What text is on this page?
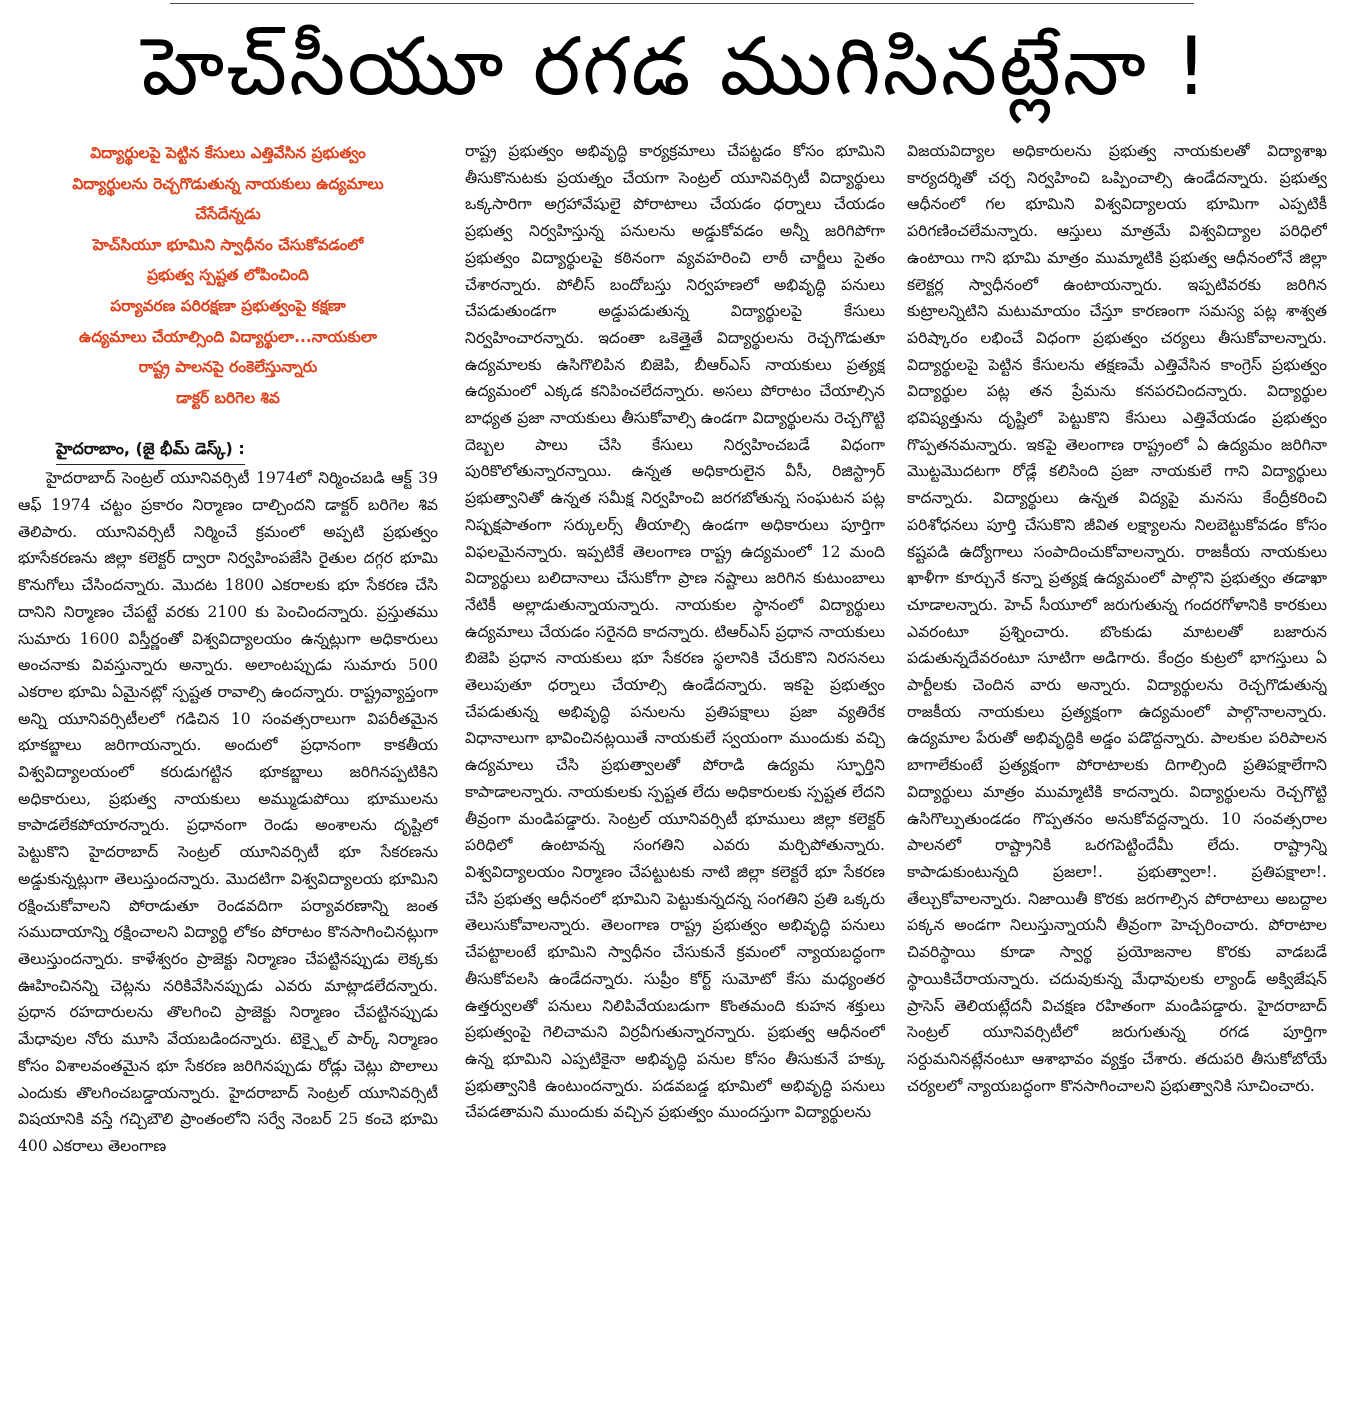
హెచ్‌సీయూ రగడ ముగిసినట్లేనా !
విద్యార్థులపై పెట్టిన కేసులు ఎత్తివేసిన ప్రభుత్వం
విద్యార్థులను రెచ్చగొడుతున్న నాయకులు ఉద్యమాలు
చేసేదేన్నడు
హెచ్‌సియూ భూమిని స్వాధీనం చేసుకోవడంలో
ప్రభుత్వ స్పష్టత లోపించింది
పర్యావరణ పరిరక్షణా ప్రభుత్వంపై కక్షణా
ఉద్యమాలు చేయాల్సింది విద్యార్థులా...నాయకులా
రాష్ట్ర పాలనపై రంకెలేస్తున్నారు
డాక్టర్ బరిగెల శివ
హైదరాబాం, (జై భీమ్ డెస్క్) :

హైదరాబాద్ సెంట్రల్ యూనివర్సిటీ 1974లో నిర్మించబడి ఆక్ట్ 39 ఆఫ్ 1974 చట్టం ప్రకారం నిర్మాణం దాల్చిందని డాక్టర్ బరిగెల శివ తెలిపారు. యూనివర్సిటీ నిర్మించే క్రమంలో అప్పటి ప్రభుత్వం భూసేకరణను జిల్లా కలెక్టర్ ద్వారా నిర్వహింపజేసి రైతుల దగ్గర భూమి కొనుగోలు చేసిందన్నారు. మొదట 1800 ఎకరాలకు భూ సేకరణ చేసి దానిని నిర్మాణం చేపట్టే వరకు 2100 కు పెంచిందన్నారు. ప్రస్తుతము సుమారు 1600 విస్తీర్ణంతో విశ్వవిద్యాలయం ఉన్నట్లుగా అధికారులు అంచనాకు వివస్తున్నారు అన్నారు. అలాంటప్పుడు సుమారు 500 ఎకరాల భూమి ఏమైనట్లో స్పష్టత రావాల్సి ఉందన్నారు. రాష్ట్రవ్యాప్తంగా అన్ని యూనివర్సిటీలలో గడిచిన 10 సంవత్సరాలుగా విపరీతమైన భూకబ్జాలు జరిగాయన్నారు. అందులో ప్రధానంగా కాకతీయ విశ్వవిద్యాలయంలో కరుడుగట్టిన భూకబ్జాలు జరిగినప్పటికిని అధికారులు, ప్రభుత్వ నాయకులు అమ్ముడుపోయి భూములను కాపాడలేకపోయారన్నారు. ప్రధానంగా రెండు అంశాలను దృష్టిలో పెట్టుకొని హైదరాబాద్ సెంట్రల్ యూనివర్సిటీ భూ సేకరణను అడ్డుకున్నట్లుగా తెలుస్తుందన్నారు. మొదటిగా విశ్వవిద్యాలయ భూమిని రక్షించుకోవాలని పోరాడుతూ రెండవదిగా పర్యావరణాన్ని జంత సముదాయాన్ని రక్షించాలని విద్యార్థి లోకం పోరాటం కొనసాగించినట్లుగా తెలుస్తుందన్నారు. కాళేశ్వరం ప్రాజెక్టు నిర్మాణం చేపట్టినప్పుడు లెక్కకు ఊహించినన్ని చెట్లను నరికివేసినప్పుడు ఎవరు మాట్లాడలేదన్నారు. ప్రధాన రహదారులను తొలగించి ప్రాజెక్టు నిర్మాణం చేపట్టినప్పుడు మేధావుల నోరు మూసి వేయబడిందన్నారు. టెక్స్టైల్ పార్క్ నిర్మాణం కోసం విశాలవంతమైన భూ సేకరణ జరిగినప్పుడు రోడ్లు చెట్లు పొలాలు ఎందుకు తొలగించబడ్డాయన్నారు. హైదరాబాద్ సెంట్రల్ యూనివర్సిటీ విషయానికి వస్తే గచ్చిబౌలి ప్రాంతంలోని సర్వే నెంబర్ 25 కంచె భూమి 400 ఎకరాలు తెలంగాణ

రాష్ట్ర ప్రభుత్వం అభివృద్ధి కార్యక్రమాలు చేపట్టడం కోసం భూమిని తీసుకొనుటకు ప్రయత్నం చేయగా సెంట్రల్ యూనివర్సిటీ విద్యార్థులు ఒక్కసారిగా అగ్రహావేషులై పోరాటాలు చేయడం ధర్నాలు చేయడం ప్రభుత్వ నిర్వహిస్తున్న పనులను అడ్డుకోవడం అన్నీ జరిగిపోగా ప్రభుత్వం విద్యార్థులపై కఠినంగా వ్యవహరించి లాఠీ చార్జీలు సైతం చేశారన్నారు. పోలీస్ బందోబస్తు నిర్వహణలో అభివృద్ధి పనులు చేపడుతుండగా అడ్డుపడుతున్న విద్యార్థులపై కేసులు నిర్వహించారన్నారు. ఇదంతా ఒకెత్తైతే విద్యార్థులను రెచ్చగొడుతూ ఉద్యమాలకు ఉసిగొలిపిన బిజెపి, బీఆర్ఎస్ నాయకులు ప్రత్యక్ష ఉద్యమంలో ఎక్కడ కనిపించలేదన్నారు. అసలు పోరాటం చేయాల్సిన బాధ్యత ప్రజా నాయకులు తీసుకోవాల్సి ఉండగా విద్యార్థులను రెచ్చగొట్టి దెబ్బల పాలు చేసి కేసులు నిర్వహించబడే విధంగా పురికొలోతున్నారన్నాయి. ఉన్నత అధికారులైన వీసీ, రిజిస్ట్రార్ ప్రభుత్వానితో ఉన్నత సమీక్ష నిర్వహించి జరగబోతున్న సంఘటన పట్ల నిష్పక్షపాతంగా సర్కులర్స్ తీయాల్సి ఉండగా అధికారులు పూర్తిగా విఫలమైనన్నారు. ఇప్పటికే తెలంగాణ రాష్ట్ర ఉద్యమంలో 12 మంది విద్యార్థులు బలిదానాలు చేసుకోగా ప్రాణ నష్టాలు జరిగిన కుటుంబాలు నేటికీ అల్లాడుతున్నాయన్నారు. నాయకుల స్థానంలో విద్యార్థులు ఉద్యమాలు చేయడం సరైనది కాదన్నారు. టిఆర్ఎస్ ప్రధాన నాయకులు బిజెపి ప్రధాన నాయకులు భూ సేకరణ స్థలానికి చేరుకొని నిరసనలు తెలుపుతూ ధర్నాలు చేయాల్సి ఉండేదన్నారు. ఇకపై ప్రభుత్వం చేపడుతున్న అభివృద్ధి పనులను ప్రతిపక్షాలు ప్రజా వ్యతిరేక విధానాలుగా భావించినట్లయితే నాయకులే స్వయంగా ముందుకు వచ్చి ఉద్యమాలు చేసి ప్రభుత్వాలతో పోరాడి ఉద్యమ స్ఫూర్తిని కాపాడాలన్నారు. నాయకులకు స్పష్టత లేదు అధికారులకు స్పష్టత లేదని తీవ్రంగా మండిపడ్డారు. సెంట్రల్ యూనివర్సిటీ భూములు జిల్లా కలెక్టర్ పరిధిలో ఉంటావన్న సంగతిని ఎవరు మర్చిపోతున్నారు. విశ్వవిద్యాలయం నిర్మాణం చేపట్టుటకు నాటి జిల్లా కలెక్టరే భూ సేకరణ చేసి ప్రభుత్వ ఆధీనంలో భూమిని పెట్టుకున్నదన్న సంగతిని ప్రతి ఒక్కరు తెలుసుకోవాలన్నారు. తెలంగాణ రాష్ట్ర ప్రభుత్వం అభివృద్ధి పనులు చేపట్టాలంటే భూమిని స్వాధీనం చేసుకునే క్రమంలో న్యాయబద్ధంగా తీసుకోవలసి ఉండేదన్నారు. సుప్రీం కోర్ట్ సుమోటో కేసు మధ్యంతర ఉత్తర్వులతో పనులు నిలిపివేయబడుగా కొంతమంది కుహన శక్తులు ప్రభుత్వంపై గెలిచామని విర్రవీగుతున్నారన్నారు. ప్రభుత్వ ఆధీనంలో ఉన్న భూమిని ఎప్పటికైనా అభివృద్ధి పనుల కోసం తీసుకునే హక్కు ప్రభుత్వానికి ఉంటుందన్నారు. పడవబడ్డ భూమిలో అభివృద్ధి పనులు చేపడతామని ముందుకు వచ్చిన ప్రభుత్వం ముందస్తుగా విద్యార్థులను

విజయవిద్యాల అధికారులను ప్రభుత్వ నాయకులతో విద్యాశాఖ కార్యదర్శితో చర్చ నిర్వహించి ఒప్పించాల్సి ఉండేదన్నారు. ప్రభుత్వ ఆధీనంలో గల భూమిని విశ్వవిద్యాలయ భూమిగా ఎప్పటికీ పరిగణించలేమన్నారు. ఆస్తులు మాత్రమే విశ్వవిద్యాల పరిధిలో ఉంటాయి గాని భూమి మాత్రం ముమ్మాటికి ప్రభుత్వ ఆధీనంలోనే జిల్లా కలెక్టర్ల స్వాధీనంలో ఉంటాయన్నారు. ఇప్పటివరకు జరిగిన కుట్రాలన్నిటిని మటుమాయం చేస్తూ కారణంగా సమస్య పట్ల శాశ్వత పరిష్కారం లభించే విధంగా ప్రభుత్వం చర్యలు తీసుకోవాలన్నారు. విద్యార్థులపై పెట్టిన కేసులను తక్షణమే ఎత్తివేసిన కాంగ్రెస్ ప్రభుత్వం విద్యార్థుల పట్ల తన ప్రేమను కనపరచిందన్నారు. విద్యార్థుల భవిష్యత్తును దృష్టిలో పెట్టుకొని కేసులు ఎత్తివేయడం ప్రభుత్వం గొప్పతనమన్నారు. ఇకపై తెలంగాణ రాష్ట్రంలో ఏ ఉద్యమం జరిగినా మొట్టమొదటగా రోడ్లే కలిసింది ప్రజా నాయకులే గాని విద్యార్థులు కాదన్నారు. విద్యార్థులు ఉన్నత విద్యపై మనసు కేంద్రీకరించి పరిశోధనలు పూర్తి చేసుకొని జీవిత లక్ష్యాలను నిలబెట్టుకోవడం కోసం కష్టపడి ఉద్యోగాలు సంపాదించుకోవాలన్నారు. రాజకీయ నాయకులు ఖాళీగా కూర్చునే కన్నా ప్రత్యక్ష ఉద్యమంలో పాల్గొని ప్రభుత్వం తడాఖా చూడాలన్నారు. హెచ్ సీయూలో జరుగుతున్న గందరగోళానికి కారకులు ఎవరంటూ ప్రశ్నించారు. బొంకుడు మాటలతో బజారున పడుతున్నదేవరంటూ సూటిగా అడిగారు. కేంద్రం కుట్రలో భాగస్తులు ఏ పార్టీలకు చెందిన వారు అన్నారు. విద్యార్థులను రెచ్చగొడుతున్న రాజకీయ నాయకులు ప్రత్యక్షంగా ఉద్యమంలో పాల్గొనాలన్నారు. ఉద్యమాల పేరుతో అభివృద్ధికి అడ్డం పడొద్దన్నారు. పాలకుల పరిపాలన బాగాలేకుంటే ప్రత్యక్షంగా పోరాటాలకు దిగాల్సింది ప్రతిపక్షాలేగాని విద్యార్థులు మాత్రం ముమ్మాటికి కాదన్నారు. విద్యార్థులను రెచ్చగొట్టి ఉసిగొల్పుతుండడం గొప్పతనం అనుకోవద్దన్నారు. 10 సంవత్సరాల పాలనలో రాష్ట్రానికి ఒరగపెట్టిందేమీ లేదు. రాష్ట్రాన్ని కాపాడుకుంటున్నది ప్రజలా!. ప్రభుత్వాలా!. ప్రతిపక్షాలా!. తేల్చుకోవాలన్నారు. నిజాయితీ కొరకు జరగాల్సిన పోరాటాలు అబద్దాల పక్కన అండగా నిలుస్తున్నాయనీ తీవ్రంగా హెచ్చరించారు. పోరాటాల చివరిస్థాయి కూడా స్వార్థ ప్రయోజనాల కొరకు వాడబడే స్థాయికిచేరాయన్నారు. చదువుకున్న మేధావులకు ల్యాండ్ అక్విజేషన్ ప్రాసెస్ తెలియట్లేదనీ విచక్షణ రహితంగా మండిపడ్డారు. హైదరాబాద్ సెంట్రల్ యూనివర్సిటీలో జరుగుతున్న రగడ పూర్తిగా సర్దుమనినట్లేనంటూ ఆశాభావం వ్యక్తం చేశారు. తదుపరి తీసుకోబోయే చర్యలలో న్యాయబద్ధంగా కొనసాగించాలని ప్రభుత్వానికి సూచించారు.
